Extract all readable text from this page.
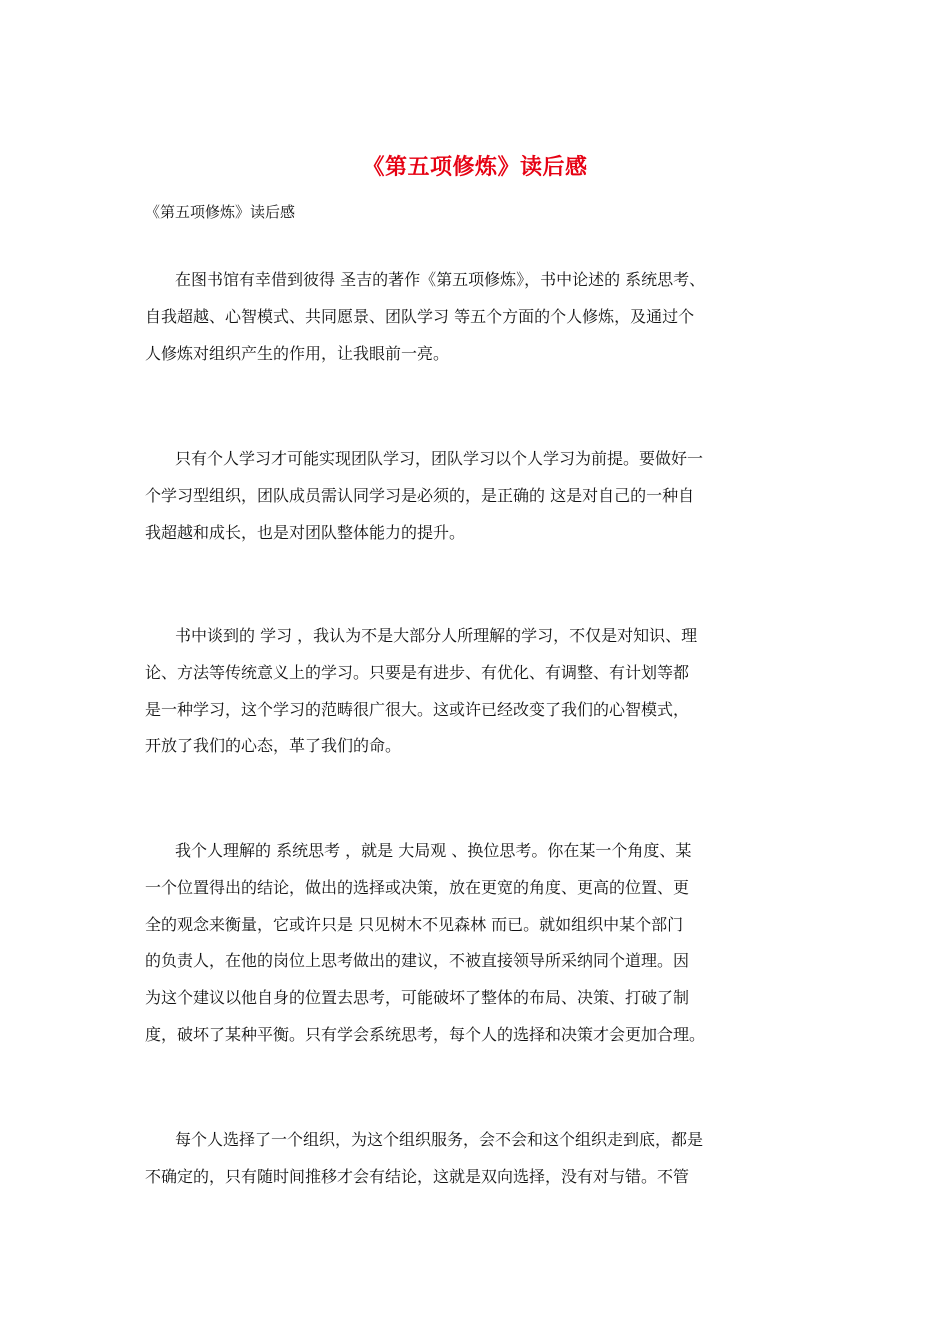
《第五项修炼》读后感
《第五项修炼》读后感
在图书馆有幸借到彼得 圣吉的著作《第五项修炼》，书中论述的 系统思考、
自我超越、心智模式、共同愿景、团队学习 等五个方面的个人修炼，及通过个
人修炼对组织产生的作用，让我眼前一亮。
只有个人学习才可能实现团队学习，团队学习以个人学习为前提。要做好一
个学习型组织，团队成员需认同学习是必须的，是正确的 这是对自己的一种自
我超越和成长，也是对团队整体能力的提升。
书中谈到的 学习 ，我认为不是大部分人所理解的学习，不仅是对知识、理
论、方法等传统意义上的学习。只要是有进步、有优化、有调整、有计划等都
是一种学习，这个学习的范畴很广很大。这或许已经改变了我们的心智模式，
开放了我们的心态，革了我们的命。
我个人理解的 系统思考 ，就是 大局观 、换位思考。你在某一个角度、某
一个位置得出的结论，做出的选择或决策，放在更宽的角度、更高的位置、更
全的观念来衡量，它或许只是 只见树木不见森林 而已。就如组织中某个部门
的负责人，在他的岗位上思考做出的建议，不被直接领导所采纳同个道理。因
为这个建议以他自身的位置去思考，可能破坏了整体的布局、决策、打破了制
度，破坏了某种平衡。只有学会系统思考，每个人的选择和决策才会更加合理。
每个人选择了一个组织，为这个组织服务，会不会和这个组织走到底，都是
不确定的，只有随时间推移才会有结论，这就是双向选择，没有对与错。不管
